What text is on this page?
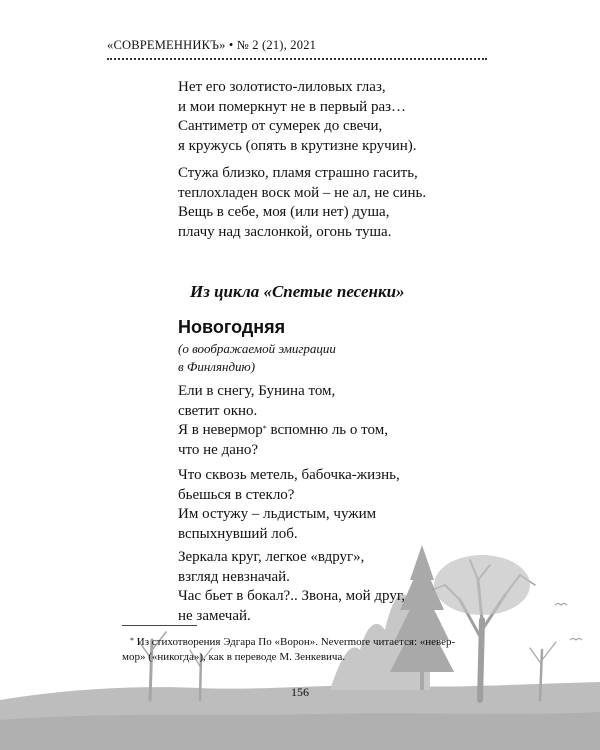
«СОВРЕМЕННИКЪ» • № 2 (21), 2021
Нет его золотисто-лиловых глаз,
и мои померкнут не в первый раз…
Сантиметр от сумерек до свечи,
я кружусь (опять в крутизне кручин).
Стужа близко, пламя страшно гасить,
теплохладен воск мой – не ал, не синь.
Вещь в себе, моя (или нет) душа,
плачу над заслонкой, огонь туша.
Из цикла «Спетые песенки»
Новогодняя
(о воображаемой эмиграции
в Финляндию)
Ели в снегу, Бунина том,
светит окно.
Я в невермор* вспомню ль о том,
что не дано?
Что сквозь метель, бабочка-жизнь,
бьешься в стекло?
Им остужу – льдистым, чужим
вспыхнувший лоб.
Зеркала круг, легкое «вдруг»,
взгляд невзначай.
Час бьет в бокал?.. Звона, мой друг,
не замечай.
* Из стихотворения Эдгара По «Ворон». Nevermore читается: «невер-
мор» («никогда»), как в переводе М. Зенкевича.
156
